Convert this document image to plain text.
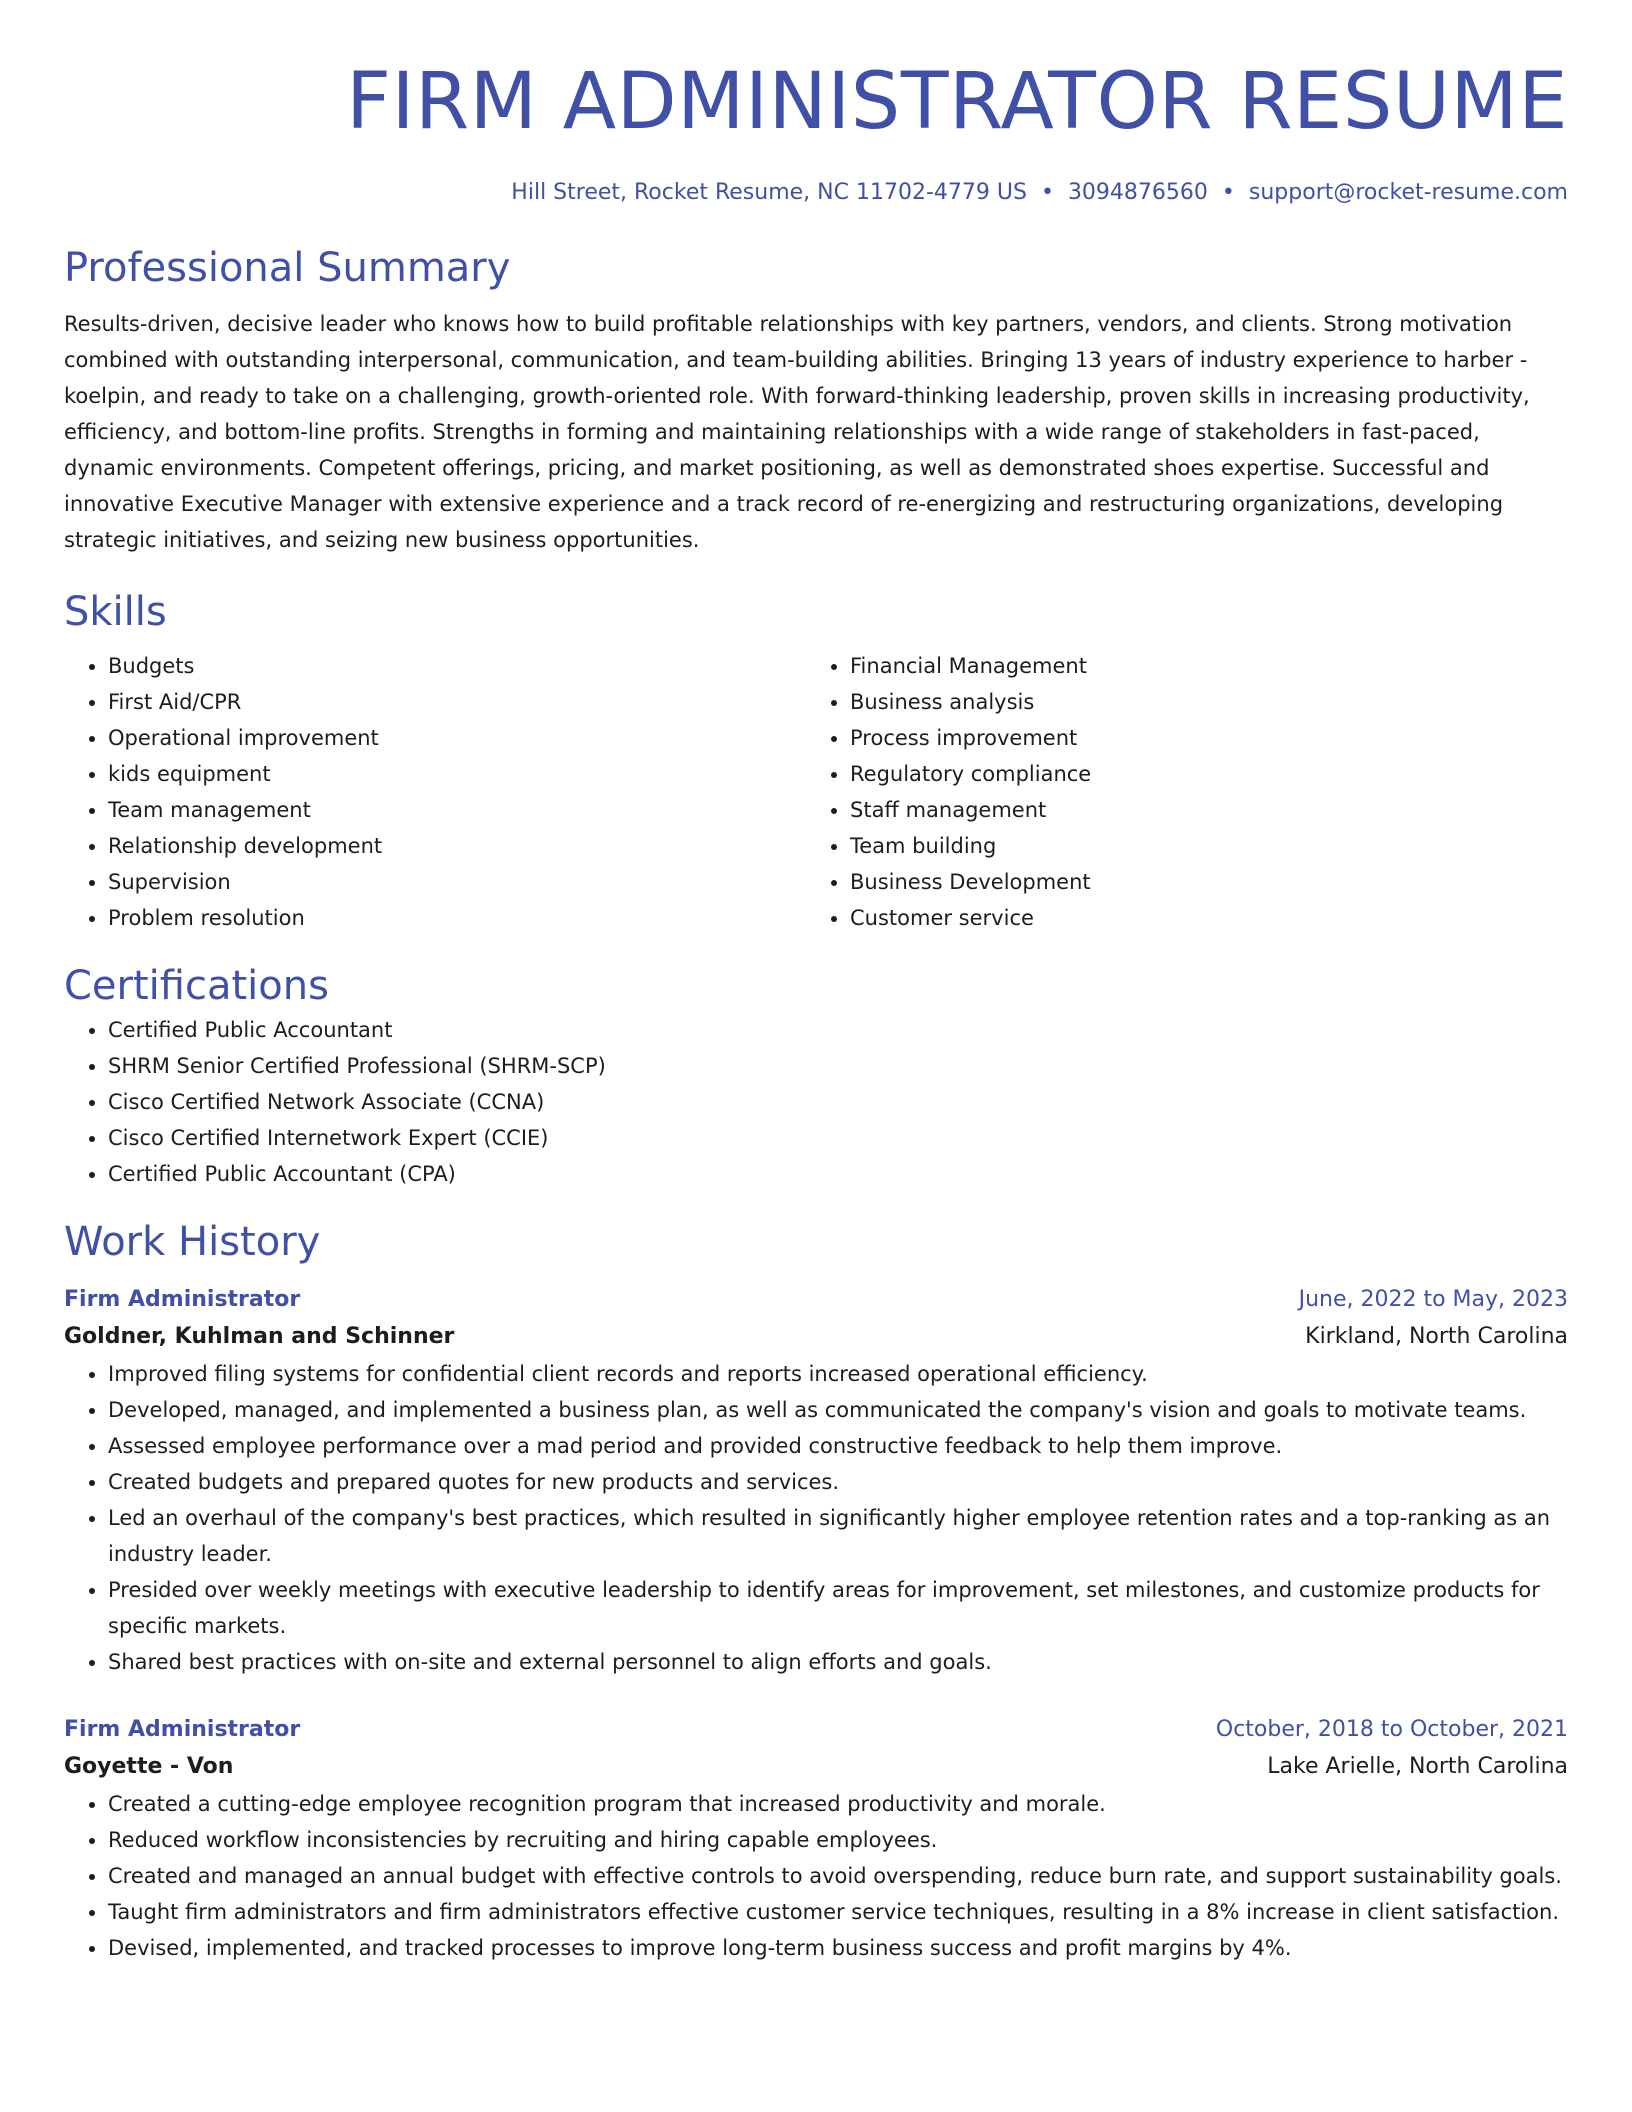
FIRM ADMINISTRATOR RESUME
Hill Street, Rocket Resume, NC 11702-4779 US • 3094876560 • support@rocket-resume.com
Professional Summary

Results-driven, decisive leader who knows how to build profitable relationships with key partners, vendors, and clients. Strong motivation combined with outstanding interpersonal, communication, and team-building abilities. Bringing 13 years of industry experience to harber - koelpin, and ready to take on a challenging, growth-oriented role. With forward-thinking leadership, proven skills in increasing productivity, efficiency, and bottom-line profits. Strengths in forming and maintaining relationships with a wide range of stakeholders in fast-paced, dynamic environments. Competent offerings, pricing, and market positioning, as well as demonstrated shoes expertise. Successful and innovative Executive Manager with extensive experience and a track record of re-energizing and restructuring organizations, developing strategic initiatives, and seizing new business opportunities.

Skills
• Budgets
• First Aid/CPR
• Operational improvement
• kids equipment
• Team management
• Relationship development
• Supervision
• Problem resolution
• Financial Management
• Business analysis
• Process improvement
• Regulatory compliance
• Staff management
• Team building
• Business Development
• Customer service
Certifications
• Certified Public Accountant
• SHRM Senior Certified Professional (SHRM-SCP)
• Cisco Certified Network Associate (CCNA)
• Cisco Certified Internetwork Expert (CCIE)
• Certified Public Accountant (CPA)
Work History
Firm Administrator	June, 2022 to May, 2023
Goldner, Kuhlman and Schinner	Kirkland, North Carolina
• Improved filing systems for confidential client records and reports increased operational efficiency.
• Developed, managed, and implemented a business plan, as well as communicated the company's vision and goals to motivate teams.
• Assessed employee performance over a mad period and provided constructive feedback to help them improve.
• Created budgets and prepared quotes for new products and services.
• Led an overhaul of the company's best practices, which resulted in significantly higher employee retention rates and a top-ranking as an industry leader.
• Presided over weekly meetings with executive leadership to identify areas for improvement, set milestones, and customize products for specific markets.
• Shared best practices with on-site and external personnel to align efforts and goals.
Firm Administrator	October, 2018 to October, 2021
Goyette - Von	Lake Arielle, North Carolina
• Created a cutting-edge employee recognition program that increased productivity and morale.
• Reduced workflow inconsistencies by recruiting and hiring capable employees.
• Created and managed an annual budget with effective controls to avoid overspending, reduce burn rate, and support sustainability goals.
• Taught firm administrators and firm administrators effective customer service techniques, resulting in a 8% increase in client satisfaction.
• Devised, implemented, and tracked processes to improve long-term business success and profit margins by 4%.
